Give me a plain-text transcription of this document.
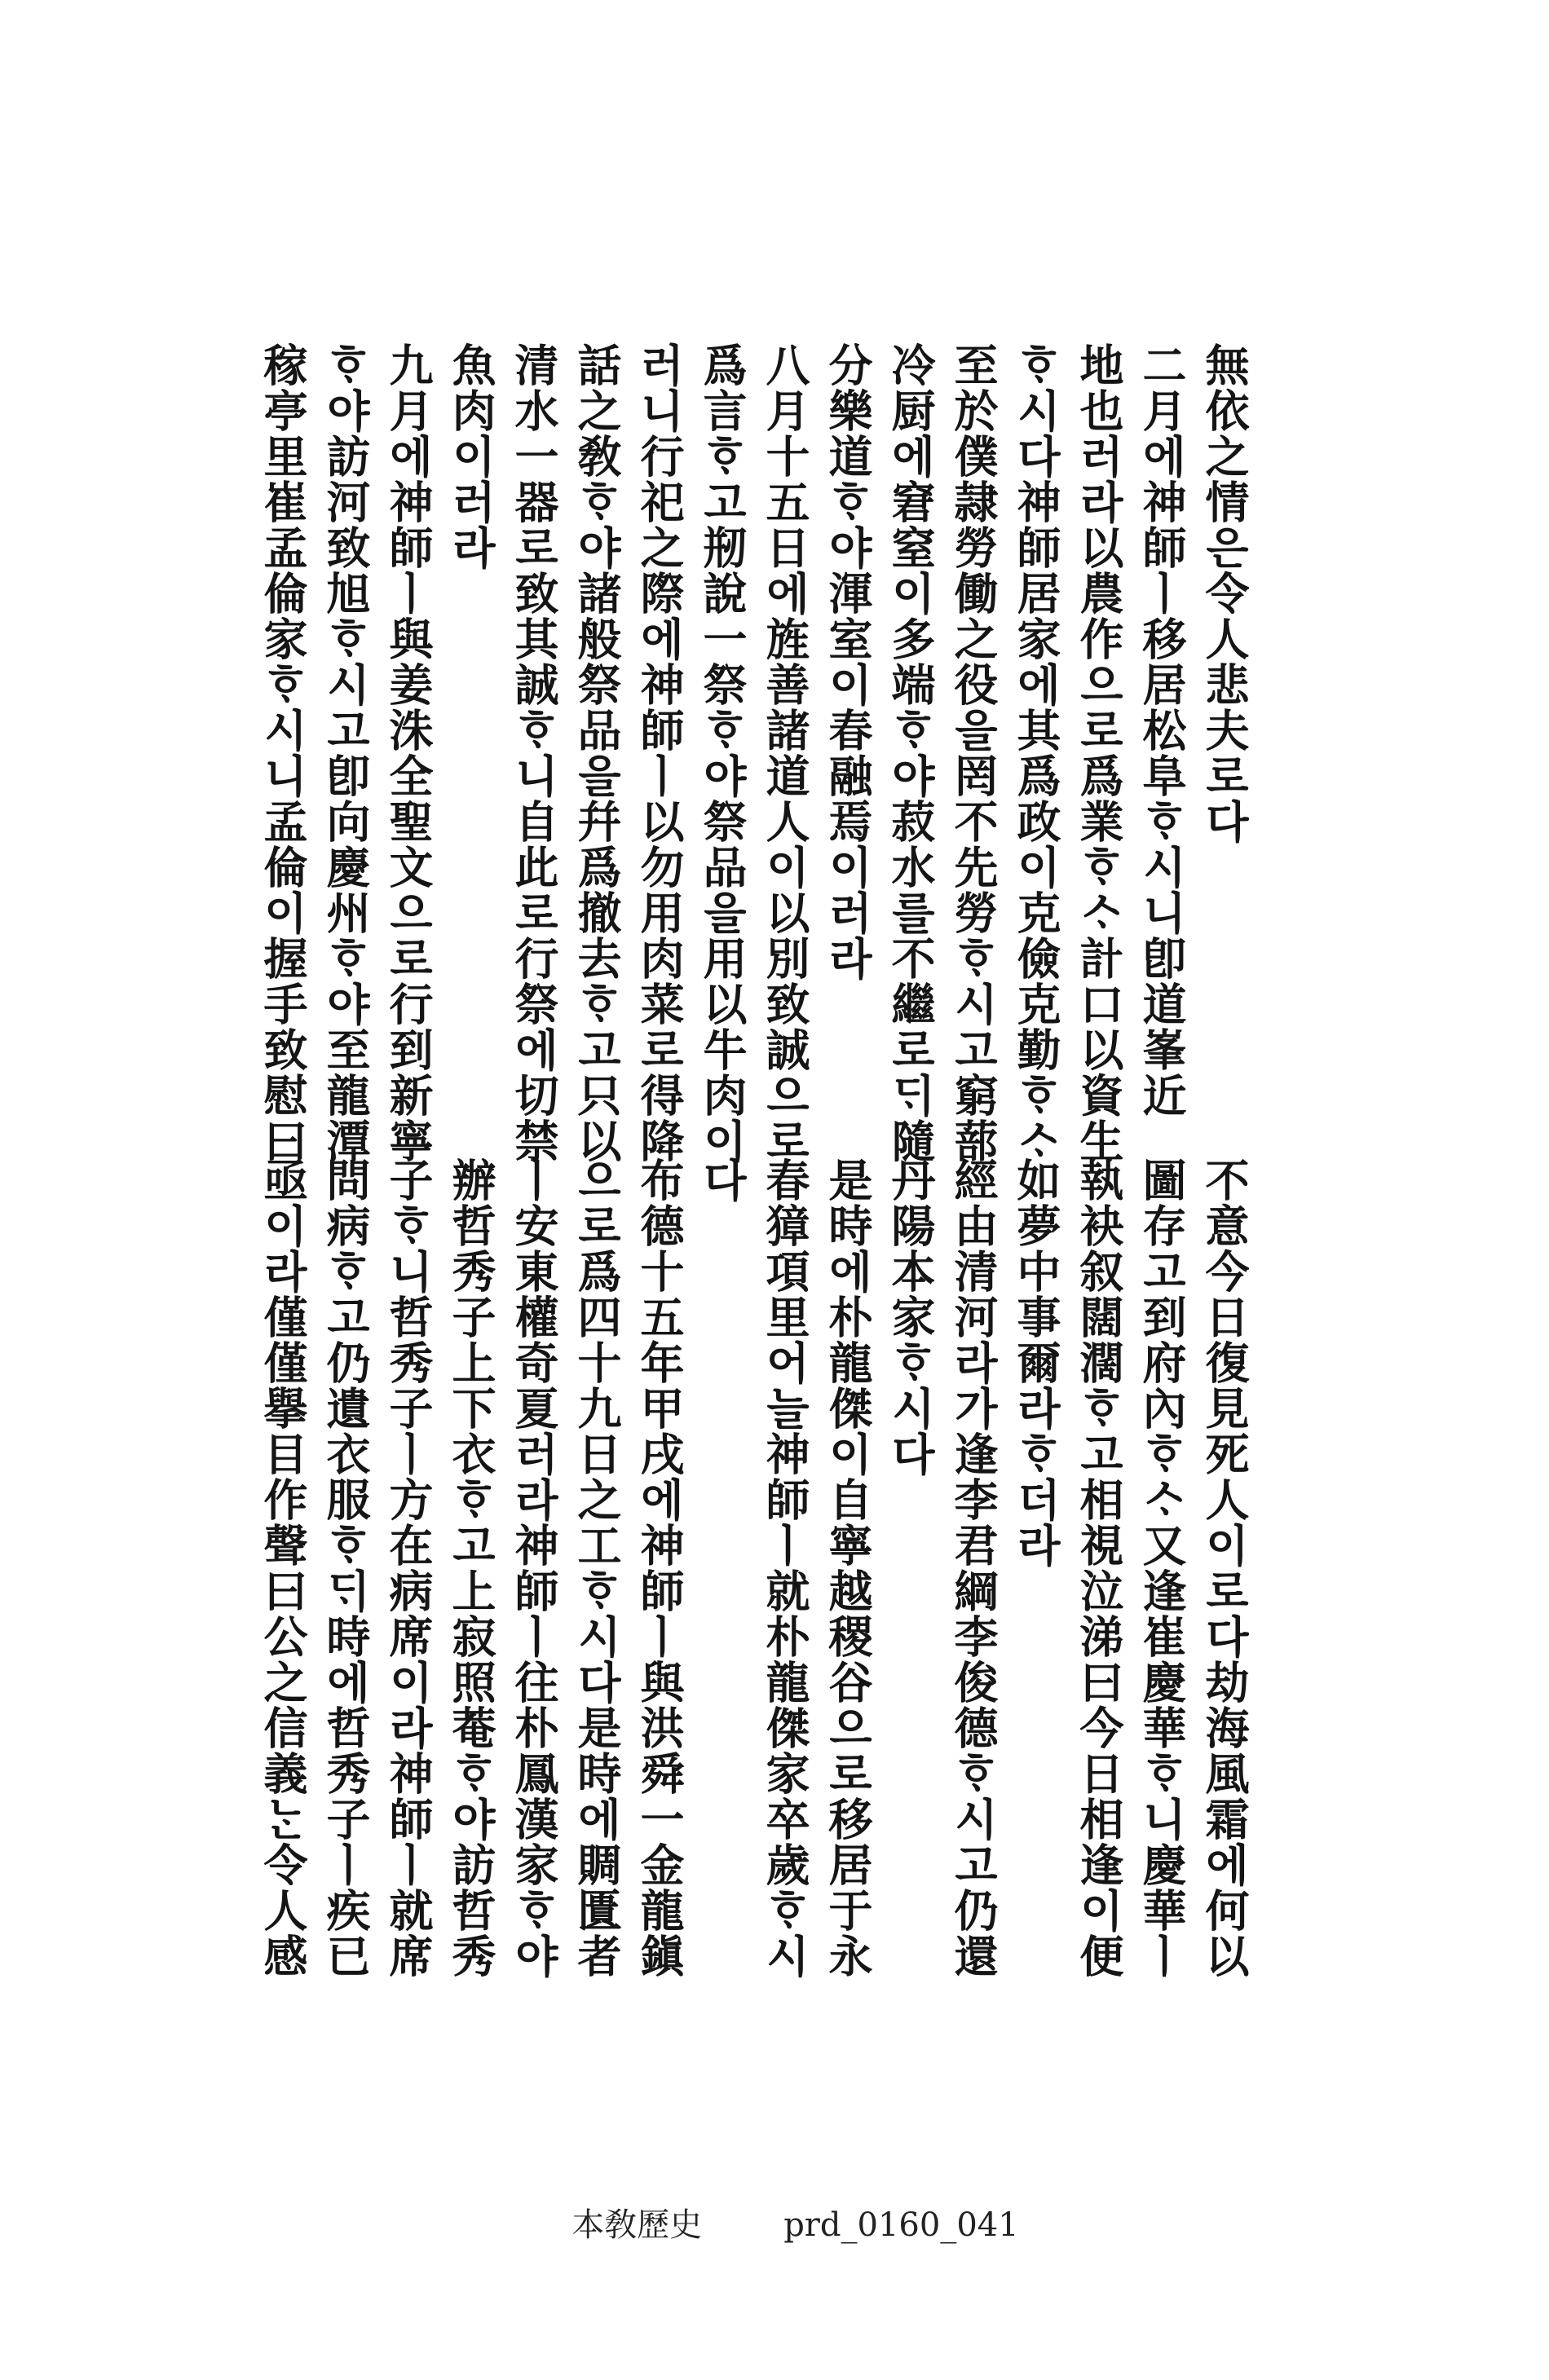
無依之情은令人悲夫로다
二月에神師ㅣ移居松阜ᄒᆞ시니卽道峯近
地也러라以農作으로爲業ᄒᆞᄉᆞ計口以資生
ᄒᆞ시다神師居家에其爲政이克儉克勤ᄒᆞᄉᆞ
至於僕隷勞働之役을罔不先勞ᄒᆞ시고窮蔀
冷厨에窘窒이多端ᄒᆞ야菽水를不繼로ᄃᆡ隨
分樂道ᄒᆞ야渾室이春融焉이러라
八月十五日에旌善諸道人이以別致誠으로
爲言ᄒᆞ고剏說一祭ᄒᆞ야祭品을用以牛肉이
러니行祀之際에神師ㅣ以勿用肉菜로得降
話之敎ᄒᆞ야諸般祭品을幷爲撤去ᄒᆞ고只以
清水一器로致其誠ᄒᆞ니自此로行祭에切禁
魚肉이러라
九月에神師ㅣ與姜洙全聖文으로行到新寧
ᄒᆞ야訪河致旭ᄒᆞ시고卽向慶州ᄒᆞ야至龍潭
稼亭里崔孟倫家ᄒᆞ시니孟倫이握手致慰曰
不意今日復見死人이로다劫海風霜에何以
圖存고到府內ᄒᆞᄉᆞ又逢崔慶華ᄒᆞ니慶華ㅣ
執袂叙闊濶ᄒᆞ고相視泣涕曰今日相逢이便
如夢中事爾라ᄒᆞ더라
經由清河라가逢李君綱李俊德ᄒᆞ시고仍還
丹陽本家ᄒᆞ시다
是時에朴龍傑이自寧越稷谷으로移居于永
春獐項里어늘神師ㅣ就朴龍傑家卒歲ᄒᆞ시
다
布德十五年甲戌에神師ㅣ與洪舜一金龍鎭
으로爲四十九日之工ᄒᆞ시다是時에賙匱者
ㅣ安東權奇夏러라神師ㅣ往朴鳳漢家ᄒᆞ야
辦哲秀子上下衣ᄒᆞ고上寂照菴ᄒᆞ야訪哲秀
子ᄒᆞ니哲秀子ㅣ方在病席이라神師ㅣ就席
問病ᄒᆞ고仍遺衣服ᄒᆞᄃᆡ時에哲秀子ㅣ疾已
亟이라僅僅擧目作聲曰公之信義ᄂᆞᆫ令人感

本敎歷史	prd_0160_041
